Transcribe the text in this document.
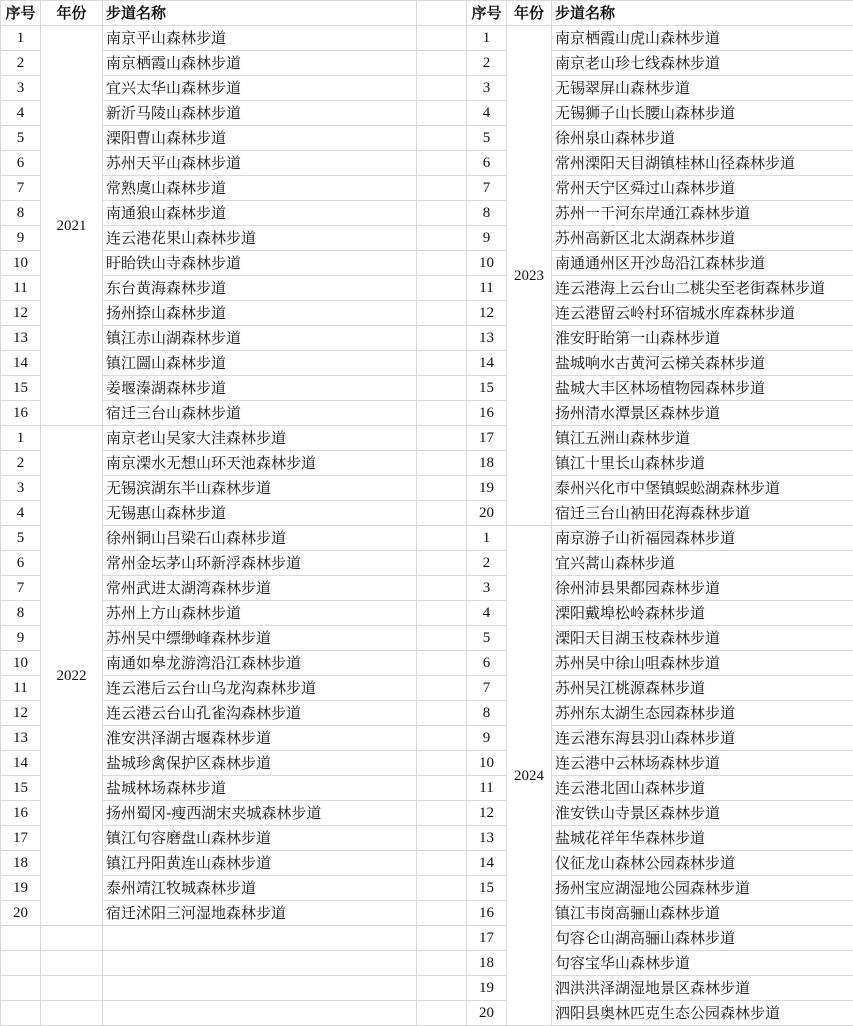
序号	年份	步道名称	
1	2021	南京平山森林步道	
2		南京栖霞山森林步道	
3		宜兴太华山森林步道	
4		新沂马陵山森林步道	
5		溧阳曹山森林步道	
6		苏州天平山森林步道	
7		常熟虞山森林步道	
8		南通狼山森林步道	
9		连云港花果山森林步道	
10		盱眙铁山寺森林步道	
11		东台黄海森林步道	
12		扬州捺山森林步道	
13		镇江赤山湖森林步道	
14		镇江圌山森林步道	
15		姜堰溱湖森林步道	
16		宿迁三台山森林步道	
1	2022	南京老山吴家大洼森林步道	
2		南京溧水无想山环天池森林步道	
3		无锡滨湖东半山森林步道	
4		无锡惠山森林步道	
5		徐州铜山吕梁石山森林步道	
6		常州金坛茅山环新浮森林步道	
7		常州武进太湖湾森林步道	
8		苏州上方山森林步道	
9		苏州吴中缥缈峰森林步道	
10		南通如皋龙游湾沿江森林步道	
11		连云港后云台山乌龙沟森林步道	
12		连云港云台山孔雀沟森林步道	
13		淮安洪泽湖古堰森林步道	
14		盐城珍禽保护区森林步道	
15		盐城林场森林步道	
16		扬州蜀冈-瘦西湖宋夹城森林步道	
17		镇江句容磨盘山森林步道	
18		镇江丹阳黄连山森林步道	
19		泰州靖江牧城森林步道	
20		宿迁沭阳三河湿地森林步道	

序号	年份	步道名称
1	2023	南京栖霞山虎山森林步道
2		南京老山珍七线森林步道
3		无锡翠屏山森林步道
4		无锡狮子山长腰山森林步道
5		徐州泉山森林步道
6		常州溧阳天目湖镇桂林山径森林步道
7		常州天宁区舜过山森林步道
8		苏州一干河东岸通江森林步道
9		苏州高新区北太湖森林步道
10		南通通州区开沙岛沿江森林步道
11		连云港海上云台山二桃尖至老街森林步道
12		连云港留云岭村环宿城水库森林步道
13		淮安盱眙第一山森林步道
14		盐城响水古黄河云梯关森林步道
15		盐城大丰区林场植物园森林步道
16		扬州清水潭景区森林步道
17		镇江五洲山森林步道
18		镇江十里长山森林步道
19		泰州兴化市中堡镇蜈蚣湖森林步道
20		宿迁三台山衲田花海森林步道
1	2024	南京游子山祈福园森林步道
2		宜兴蒿山森林步道
3		徐州沛县果都园森林步道
4		溧阳戴埠松岭森林步道
5		溧阳天目湖玉枝森林步道
6		苏州吴中徐山咀森林步道
7		苏州吴江桃源森林步道
8		苏州东太湖生态园森林步道
9		连云港东海县羽山森林步道
10		连云港中云林场森林步道
11		连云港北固山森林步道
12		淮安铁山寺景区森林步道
13		盐城花祥年华森林步道
14		仪征龙山森林公园森林步道
15		扬州宝应湖湿地公园森林步道
16		镇江韦岗高骊山森林步道
17		句容仑山湖高骊山森林步道
18		句容宝华山森林步道
19		泗洪洪泽湖湿地景区森林步道
20		泗阳县奥林匹克生态公园森林步道
